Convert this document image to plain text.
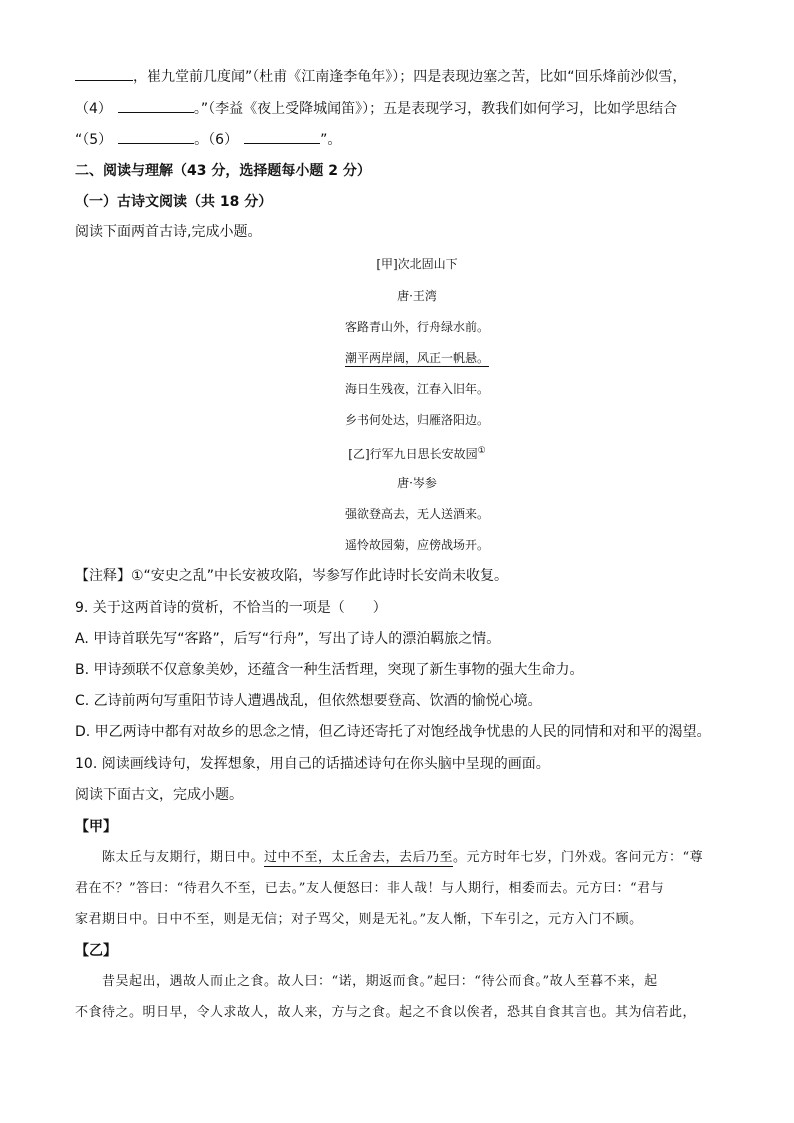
，崔九堂前几度闻”（杜甫《江南逢李龟年》）；四是表现边塞之苦，比如“回乐烽前沙似雪，
（4）	。”（李益《夜上受降城闻笛》）；五是表现学习，教我们如何学习，比如学思结合
“（5）	。（6）	”。
二、阅读与理解（43 分，选择题每小题 2 分）
（一）古诗文阅读（共 18 分）
阅读下面两首古诗,完成小题。
[甲]次北固山下
唐·王湾
客路青山外，行舟绿水前。
潮平两岸阔，风正一帆悬。
海日生残夜，江春入旧年。
乡书何处达，归雁洛阳边。
[乙]行军九日思长安故园①
唐·岑参
强欲登高去，无人送酒来。
遥怜故园菊，应傍战场开。
【注释】①“安史之乱”中长安被攻陷，岑参写作此诗时长安尚未收复。
9. 关于这两首诗的赏析，不恰当的一项是（　　）
A. 甲诗首联先写“客路”，后写“行舟”，写出了诗人的漂泊羁旅之情。
B. 甲诗颈联不仅意象美妙，还蕴含一种生活哲理，突现了新生事物的强大生命力。
C. 乙诗前两句写重阳节诗人遭遇战乱，但依然想要登高、饮酒的愉悦心境。
D. 甲乙两诗中都有对故乡的思念之情，但乙诗还寄托了对饱经战争忧患的人民的同情和对和平的渴望。
10. 阅读画线诗句，发挥想象，用自己的话描述诗句在你头脑中呈现的画面。
阅读下面古文，完成小题。
【甲】
陈太丘与友期行，期日中。过中不至，太丘舍去，去后乃至。元方时年七岁，门外戏。客问元方：“尊
君在不？”答曰：“待君久不至，已去。”友人便怒曰：非人哉！与人期行，相委而去。元方曰：“君与
家君期日中。日中不至，则是无信；对子骂父，则是无礼。”友人惭，下车引之，元方入门不顾。
【乙】
昔吴起出，遇故人而止之食。故人曰：“诺，期返而食。”起曰：“待公而食。”故人至暮不来，起
不食待之。明日早，令人求故人，故人来，方与之食。起之不食以俟者，恐其自食其言也。其为信若此，
